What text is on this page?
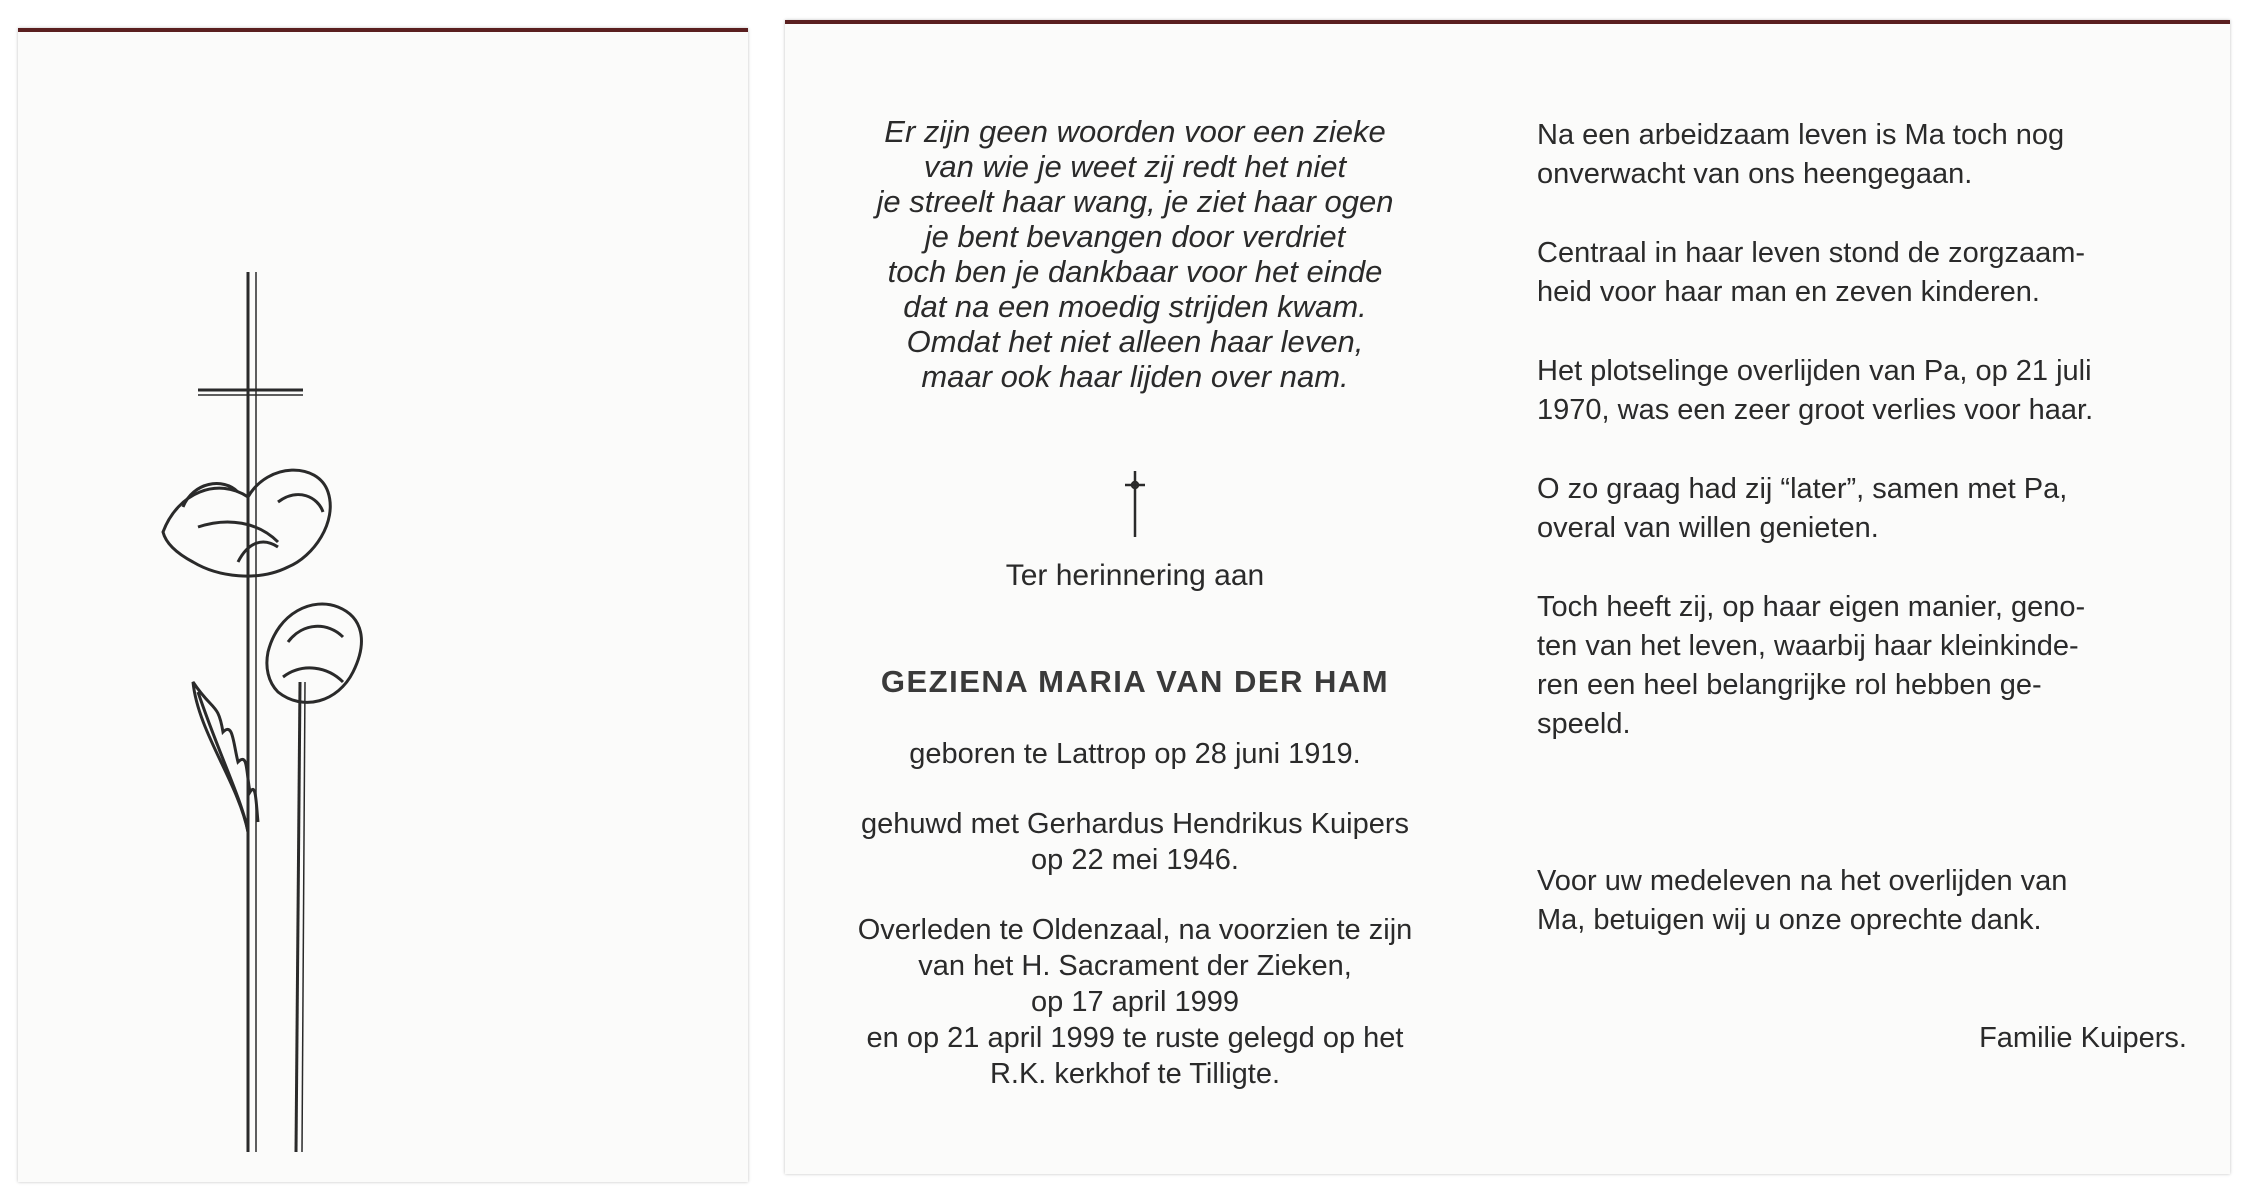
Er zijn geen woorden voor een zieke
van wie je weet zij redt het niet
je streelt haar wang, je ziet haar ogen
je bent bevangen door verdriet
toch ben je dankbaar voor het einde
dat na een moedig strijden kwam.
Omdat het niet alleen haar leven,
maar ook haar lijden over nam.
Ter herinnering aan
GEZIENA MARIA VAN DER HAM
geboren te Lattrop op 28 juni 1919.
gehuwd met Gerhardus Hendrikus Kuipers
op 22 mei 1946.
Overleden te Oldenzaal, na voorzien te zijn
van het H. Sacrament der Zieken,
op 17 april 1999
en op 21 april 1999 te ruste gelegd op het
R.K. kerkhof te Tilligte.
Na een arbeidzaam leven is Ma toch nog
onverwacht van ons heengegaan.
Centraal in haar leven stond de zorgzaam-
heid voor haar man en zeven kinderen.
Het plotselinge overlijden van Pa, op 21 juli
1970, was een zeer groot verlies voor haar.
O zo graag had zij “later”, samen met Pa,
overal van willen genieten.
Toch heeft zij, op haar eigen manier, geno-
ten van het leven, waarbij haar kleinkinde-
ren een heel belangrijke rol hebben ge-
speeld.
Voor uw medeleven na het overlijden van
Ma, betuigen wij u onze oprechte dank.
Familie Kuipers.
